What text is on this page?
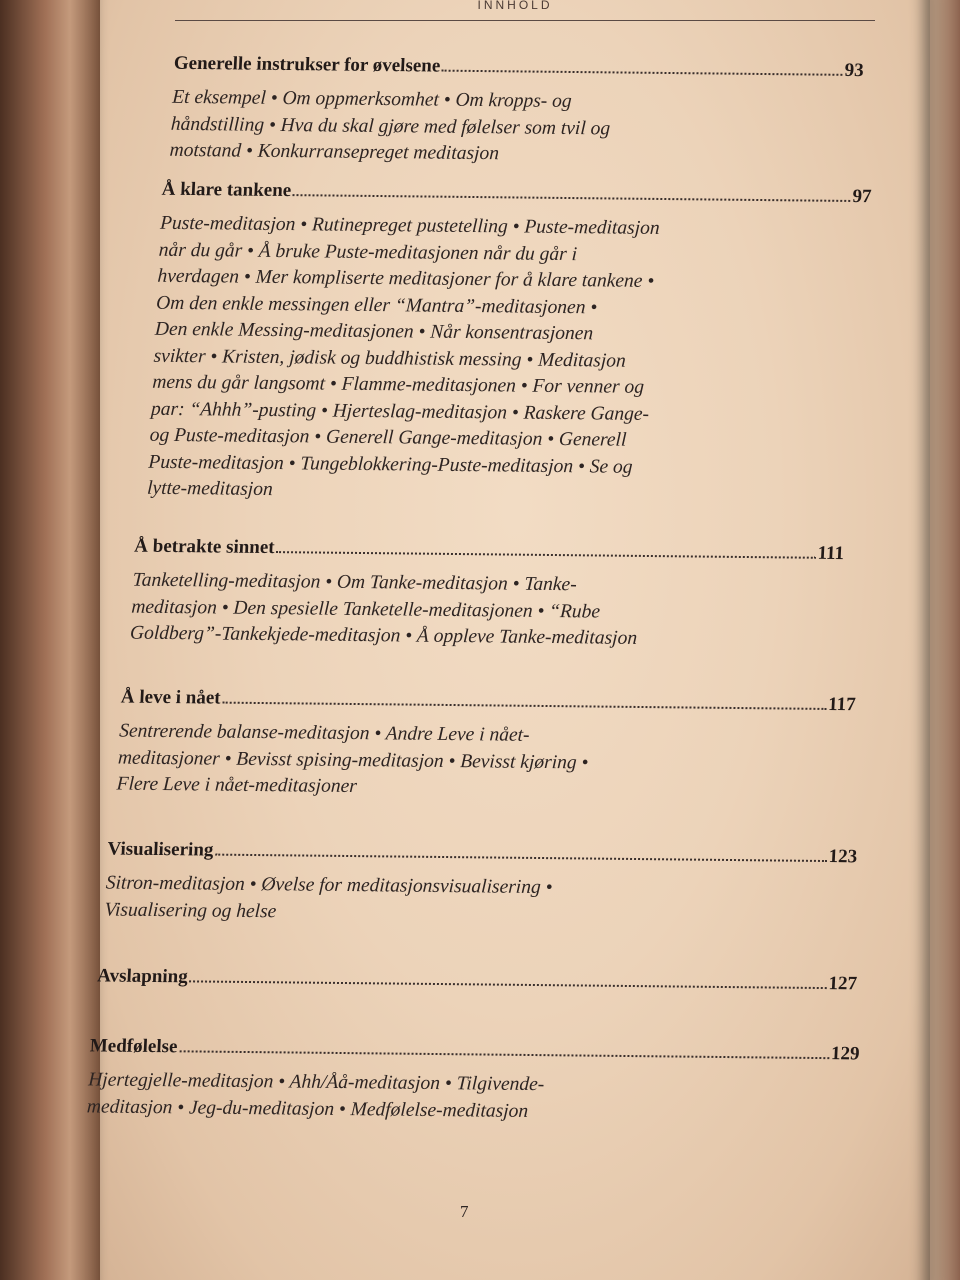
INNHOLD
Generelle instrukser for øvelsene	93
Et eksempel • Om oppmerksomhet • Om kropps- og
håndstilling • Hva du skal gjøre med følelser som tvil og
motstand • Konkurransepreget meditasjon
Å klare tankene	97
Puste-meditasjon • Rutinepreget pustetelling • Puste-meditasjon
når du går • Å bruke Puste-meditasjonen når du går i
hverdagen • Mer kompliserte meditasjoner for å klare tankene •
Om den enkle messingen eller “Mantra”-meditasjonen •
Den enkle Messing-meditasjonen • Når konsentrasjonen
svikter • Kristen, jødisk og buddhistisk messing • Meditasjon
mens du går langsomt • Flamme-meditasjonen • For venner og
par: “Ahhh”-pusting • Hjerteslag-meditasjon • Raskere Gange-
og Puste-meditasjon • Generell Gange-meditasjon • Generell
Puste-meditasjon • Tungeblokkering-Puste-meditasjon • Se og
lytte-meditasjon
Å betrakte sinnet	111
Tanketelling-meditasjon • Om Tanke-meditasjon • Tanke-
meditasjon • Den spesielle Tanketelle-meditasjonen • “Rube
Goldberg”-Tankekjede-meditasjon • Å oppleve Tanke-meditasjon
Å leve i nået	117
Sentrerende balanse-meditasjon • Andre Leve i nået-
meditasjoner • Bevisst spising-meditasjon • Bevisst kjøring •
Flere Leve i nået-meditasjoner
Visualisering	123
Sitron-meditasjon • Øvelse for meditasjonsvisualisering •
Visualisering og helse
Avslapning	127
Medfølelse	129
Hjertegjelle-meditasjon • Ahh/Åå-meditasjon • Tilgivende-
meditasjon • Jeg-du-meditasjon • Medfølelse-meditasjon
7
